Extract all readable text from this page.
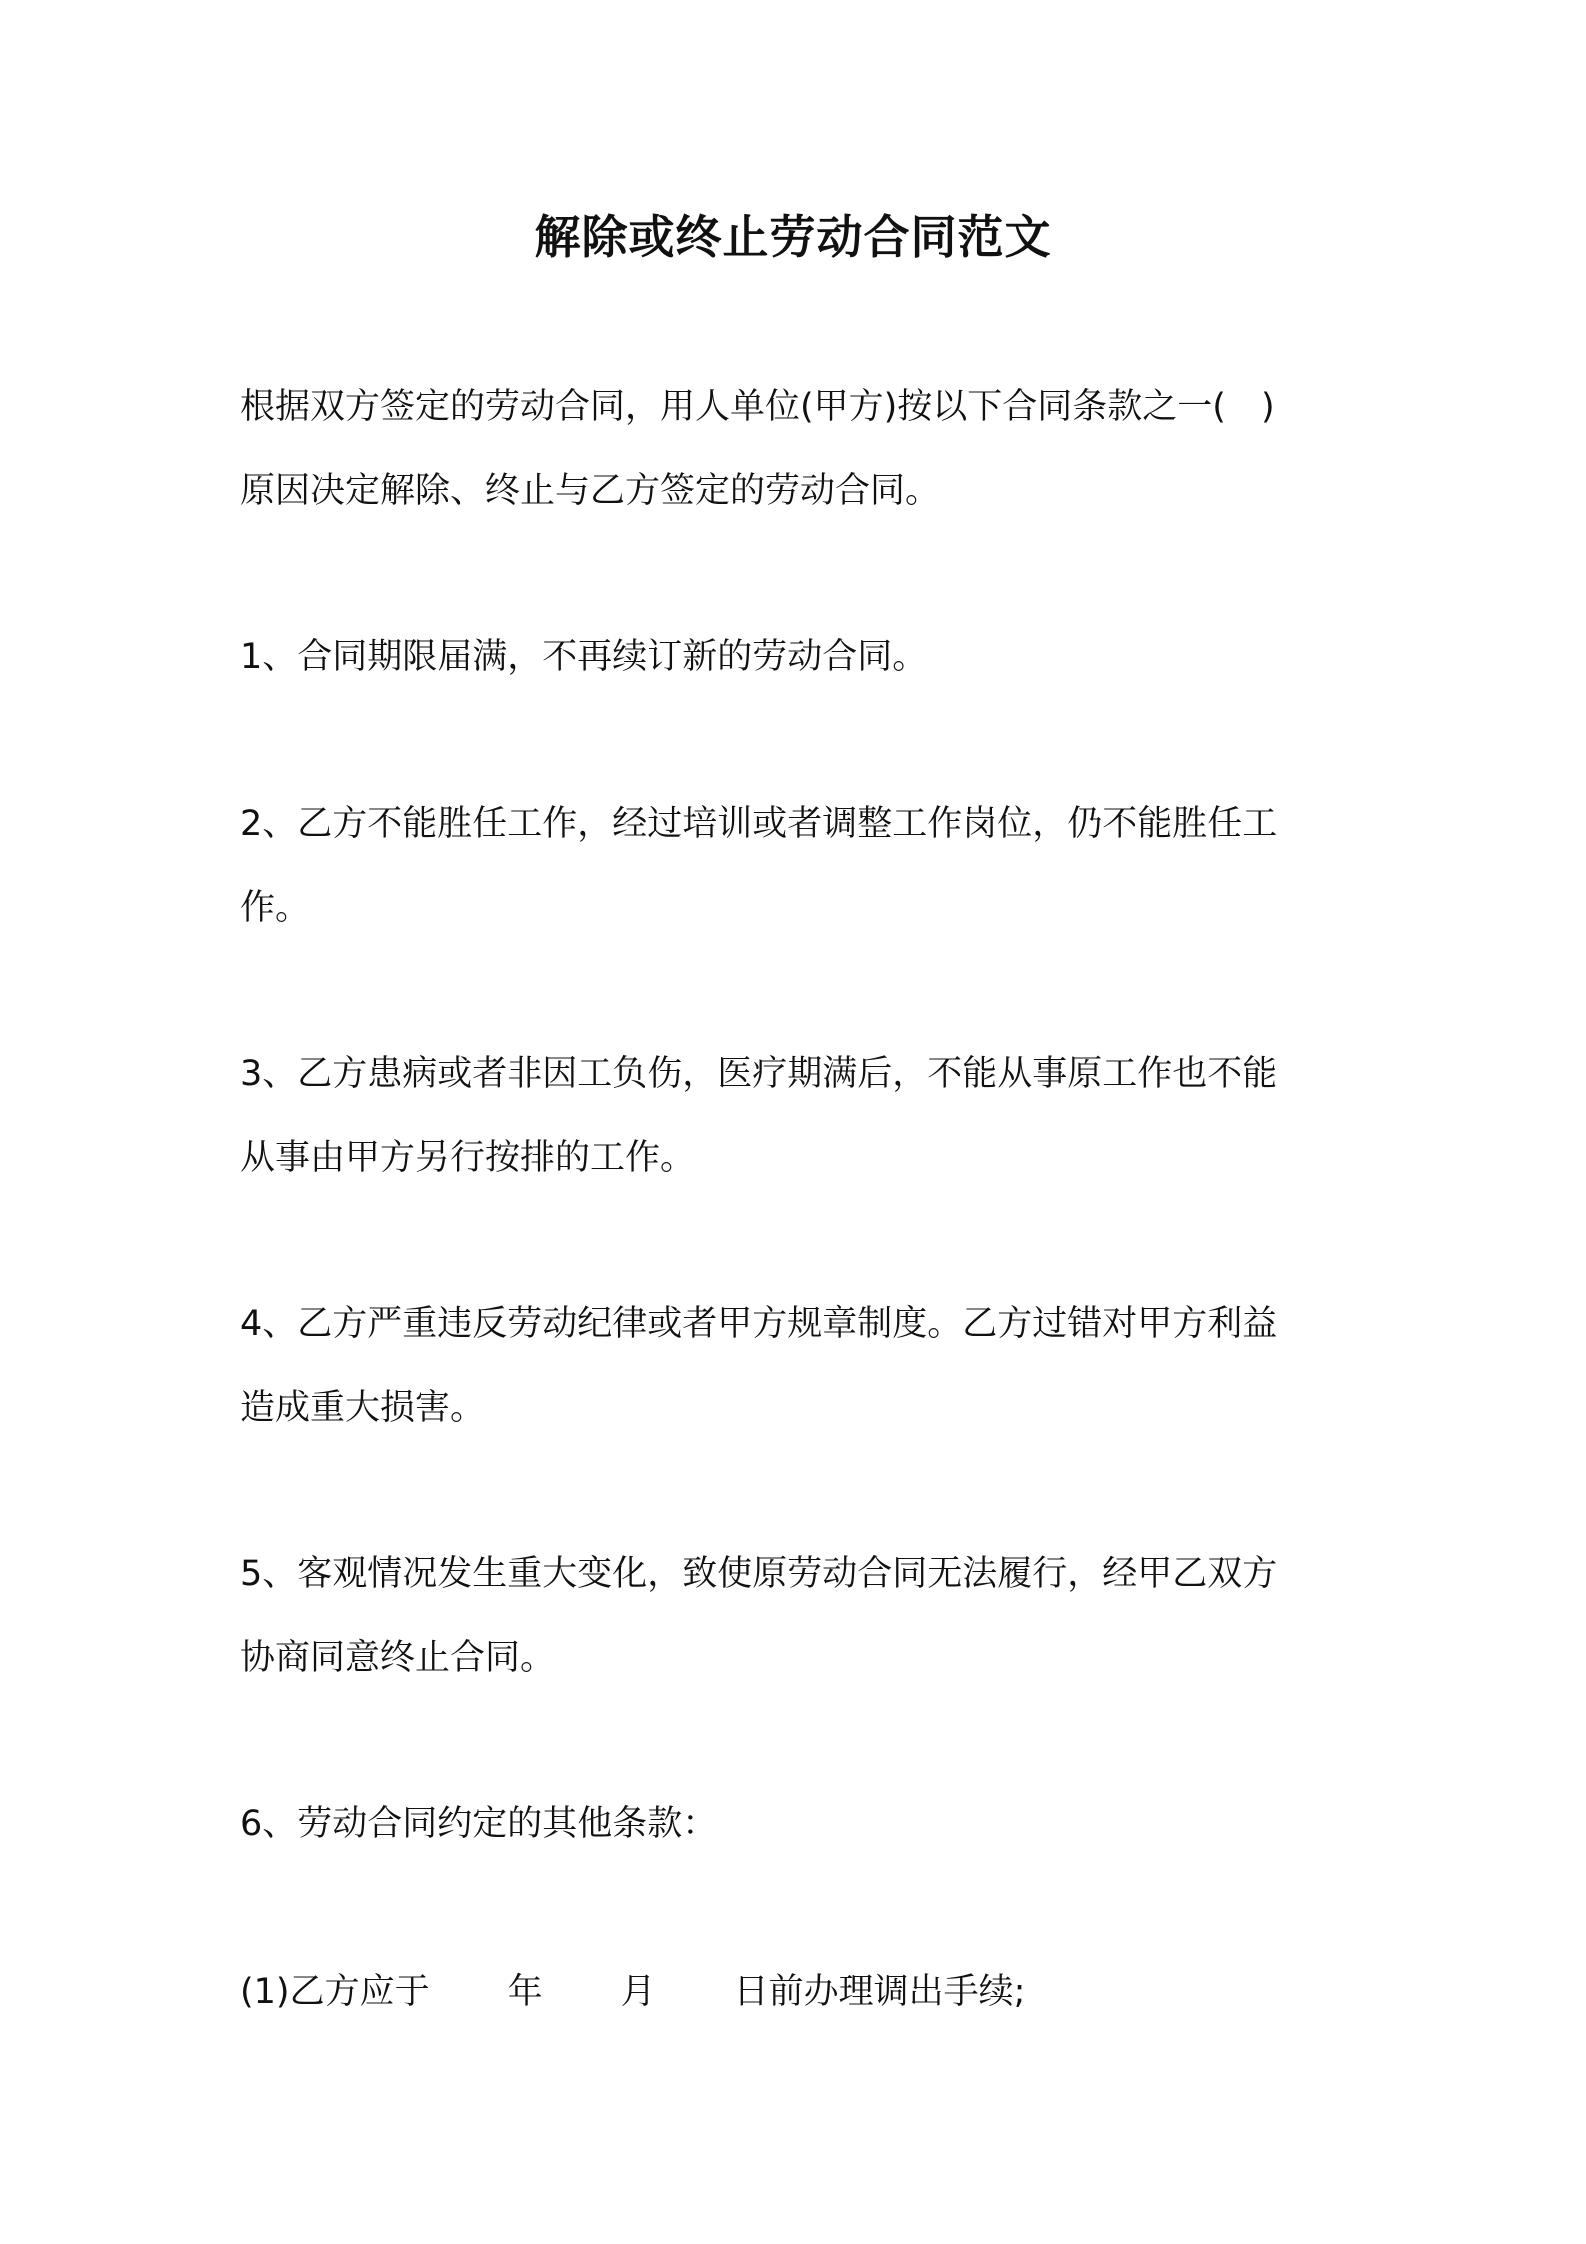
解除或终止劳动合同范文
根据双方签定的劳动合同，用人单位(甲方)按以下合同条款之一(　)
原因决定解除、终止与乙方签定的劳动合同。
1、合同期限届满，不再续订新的劳动合同。
2、乙方不能胜任工作，经过培训或者调整工作岗位，仍不能胜任工
作。
3、乙方患病或者非因工负伤，医疗期满后，不能从事原工作也不能
从事由甲方另行按排的工作。
4、乙方严重违反劳动纪律或者甲方规章制度。乙方过错对甲方利益
造成重大损害。
5、客观情况发生重大变化，致使原劳动合同无法履行，经甲乙双方
协商同意终止合同。
6、劳动合同约定的其他条款：
(1)乙方应于 年 月 日前办理调出手续;
